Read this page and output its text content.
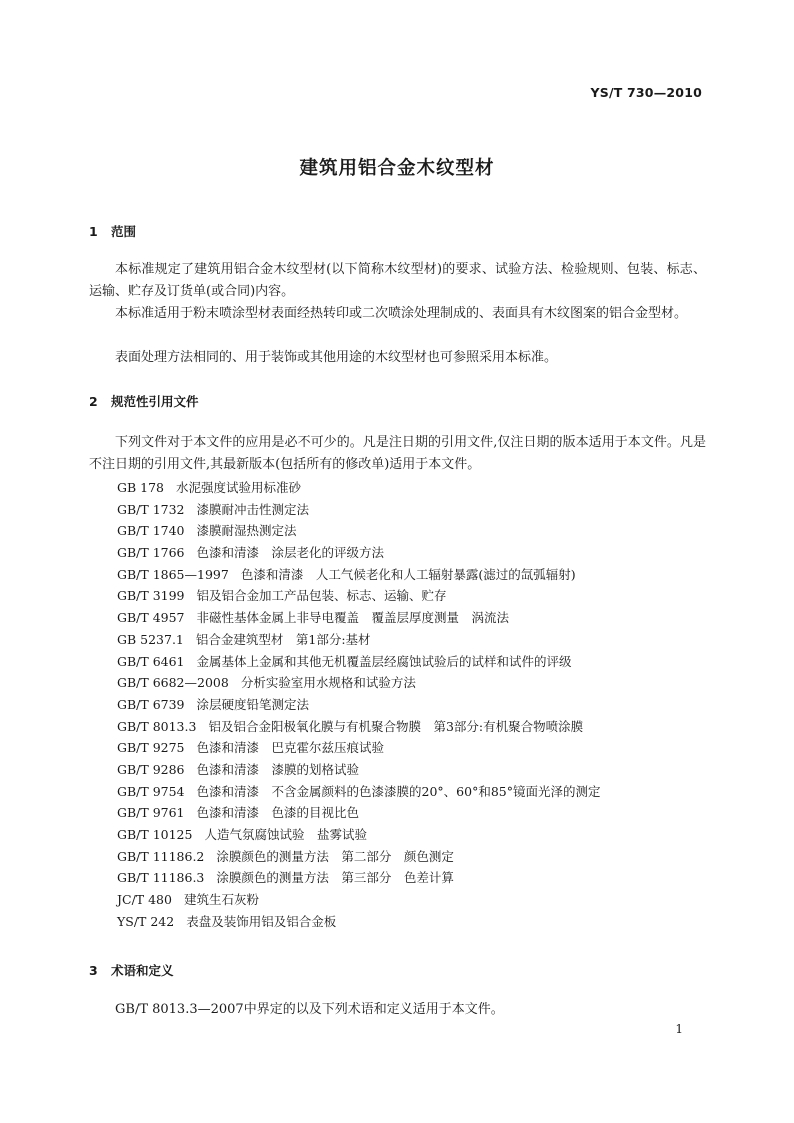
YS/T 730—2010
建筑用铝合金木纹型材
1 范围

本标准规定了建筑用铝合金木纹型材(以下简称木纹型材)的要求、试验方法、检验规则、包装、标志、运输、贮存及订货单(或合同)内容。

本标准适用于粉末喷涂型材表面经热转印或二次喷涂处理制成的、表面具有木纹图案的铝合金型材。

表面处理方法相同的、用于装饰或其他用途的木纹型材也可参照采用本标准。

2 规范性引用文件

下列文件对于本文件的应用是必不可少的。凡是注日期的引用文件,仅注日期的版本适用于本文件。凡是不注日期的引用文件,其最新版本(包括所有的修改单)适用于本文件。

GB 178 水泥强度试验用标准砂
GB/T 1732 漆膜耐冲击性测定法
GB/T 1740 漆膜耐湿热测定法
GB/T 1766 色漆和清漆　涂层老化的评级方法
GB/T 1865—1997 色漆和清漆　人工气候老化和人工辐射暴露(滤过的氙弧辐射)
GB/T 3199 铝及铝合金加工产品包装、标志、运输、贮存
GB/T 4957 非磁性基体金属上非导电覆盖　覆盖层厚度测量　涡流法
GB 5237.1 铝合金建筑型材　第1部分:基材
GB/T 6461 金属基体上金属和其他无机覆盖层经腐蚀试验后的试样和试件的评级
GB/T 6682—2008 分析实验室用水规格和试验方法
GB/T 6739 涂层硬度铅笔测定法
GB/T 8013.3 铝及铝合金阳极氧化膜与有机聚合物膜　第3部分:有机聚合物喷涂膜
GB/T 9275 色漆和清漆　巴克霍尔兹压痕试验
GB/T 9286 色漆和清漆　漆膜的划格试验
GB/T 9754 色漆和清漆　不含金属颜料的色漆漆膜的20°、60°和85°镜面光泽的测定
GB/T 9761 色漆和清漆　色漆的目视比色
GB/T 10125 人造气氛腐蚀试验　盐雾试验
GB/T 11186.2 涂膜颜色的测量方法　第二部分　颜色测定
GB/T 11186.3 涂膜颜色的测量方法　第三部分　色差计算
JC/T 480 建筑生石灰粉
YS/T 242 表盘及装饰用铝及铝合金板
3 术语和定义

GB/T 8013.3—2007中界定的以及下列术语和定义适用于本文件。

1
